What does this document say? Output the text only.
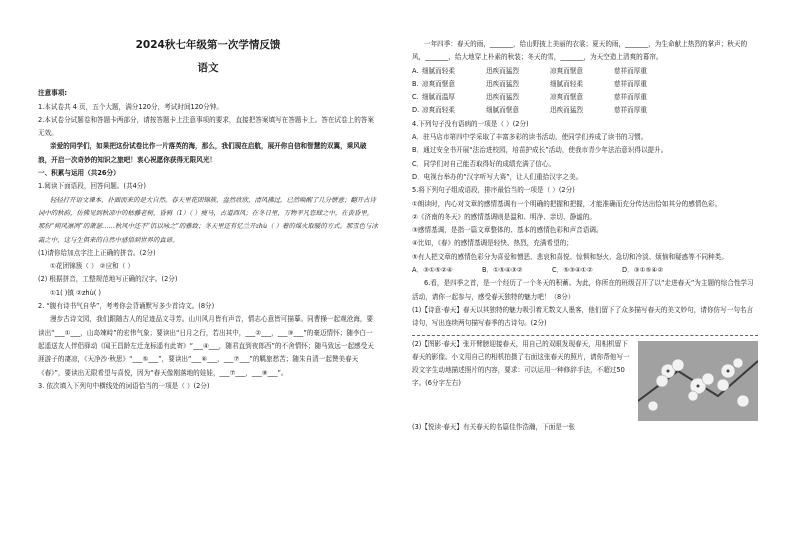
2024秋七年级第一次学情反馈
语文

注意事项:

1.本试卷共 4 页，五个大题，满分120分，考试时间120分钟。

2.本试卷分试题卷和答题卡两部分，请按答题卡上注意事项的要求，直接把答案填写在答题卡上。答在试卷上的答案无效。

亲爱的同学们，如果把这份试卷比作一片落英的海，那么，我们现在启航，展开你自信和智慧的双翼，乘风破浪，开启一次奇妙的知识之旅吧！衷心祝愿你获得无限风光！

一、积累与运用（共26分）

1.阅读下面语段，回答问题。(共4分)

轻轻打开语文课本，扑面而来的是大自然。春天里花团锦簇，盎然欣欣，清风拂过，已然唤醒了几分惬意；翻开古诗词中的秋韵，仿佛见到秋凉中的枯藤老树，昏鸦（1）（ ）瘦马，古道西风；在冬日里，万物平凡恣肆之中，在黄昏里，那份“朔风凛冽”的萧瑟……秋风中还不“饥以咏之”的雅致；冬天里还有忆兰开zhù（ ）着的煤火取暖的方式。那雪色与冰霜之中，这与生俱来的自然中感悟到世界的真谛。

(1)请你给加点字注上正确的拼音。(2分)

①花团锦簇（ ） ②应和（ ）

(2) 根据拼音，工整规范地写正确的汉字。(2分)

①1( )镇 ②zhù( )

2. “腹有诗书气自华”，考考你会背诵默写多少首诗文。(8分)

漫步古诗文园，我们跟随古人的足迹品文寻芳。山川风月皆有声音，情志心意皆可描摹。同曹操一起观沧海，要读出“___①___，山岛竦峙”的宏伟气象；要读出“日月之行，若出其中，___②___，___③___”的豪迈情怀；随李白一起遥送友人伴侣驿动《闻王昌龄左迁龙标遥有此寄》“___④___，随君直到夜郎西”的不舍情怀；随马致远一起感受天涯游子的凄凉，《天净沙·秋思》“___⑤___”，要读出“___⑥___，___⑦___”的羁旅愁苦；随朱自清一起赞美春天《春》”，要读出无限希望与喜悦，因为“春天像刚落地的娃娃，___⑦___，___⑧___”。

3. 依次填入下列句中横线处的词语恰当的一项是（ ）(2分)

一年四季：春天的雨，_______，给山野披上美丽的衣裳；夏天的雨，_______，为生命献上热烈的掌声；秋天的风，_______，给大地穿上朴素的秋装；冬天的雪，_______，为天空造上清爽的幕帘。

A. 细腻而轻柔	迅疾而猛烈	凉爽而惬意	慈祥而厚重
B. 凉爽而惬意	迅疾而猛烈	细腻而轻柔	慈祥而厚重
C. 细腻而温厚	迅疾而猛烈	凉爽而惬意	慈祥而厚重
D. 凉爽而轻柔	细腻而惬意	迅疾而猛烈	慈祥而厚重

4.下列句子没有语病的一项是（ ）(2分)

A．驻马店市第四中学采取了丰富多彩的读书活动，使同学们养成了读书的习惯。

B．通过安全书开展“法治进校园，培苗护成长”活动，使我市青少年法治意识得以提升。

C．同学们对自己能否取得好的成绩充满了信心。

D．电视台举办的“汉字听写大赛”，让人们重拾汉字之美。

5.将下列句子组成语段，排序最恰当的一项是（ ）(2分)

①朗读时，内心对文章的感情基调有一个明确的把握和把握，才能准确而充分传达出恰如其分的感情色彩。

②《济南的冬天》的感情基调则是温和、明净、亲切、静谧的。

③感情基调，是指一篇文章整体的、基本的感情色彩和声音语调。

④比如，《春》的感情基调是轻快、热烈，充满希望的；

⑤有人把文章的感情色彩分为喜爱和憎恶、悲哀和喜悦、惊惧和怒火、急切和冷淡、烦恼和疑惑等不同种类。

A．③①⑤②④	B．①⑤④③②	C．⑤③④①②	D．③①⑤④②

6.看，是四季之首，是一个经历了一个冬天的积蓄。为此，你所在的班级召开了以“走进春天”为主题的综合性学习活动，请你一起参与，感受春天独特的魅力吧！（8分）

(1)【诗意·春天】春天以其独特的魅力吸引着无数文人墨客，他们留下了众多描写春天的美文妙句，请你仿写一句名言诗句，写出连续两句描写春季的古诗句。(2分)

(2)【图影·春天】张开臂膀迎接春天，用自己的双眼发现春天，用相机留下春天的影像。小文用自己的相机拍摄了右面这张春天的照片，请你帮他写一段文字生动地描述照片的内容，要求：可以运用一种修辞手法，不超过50字。(6分字左右)

(3)【悦读·春天】有关春天的名篇佳作浩瀚，下面是一张
